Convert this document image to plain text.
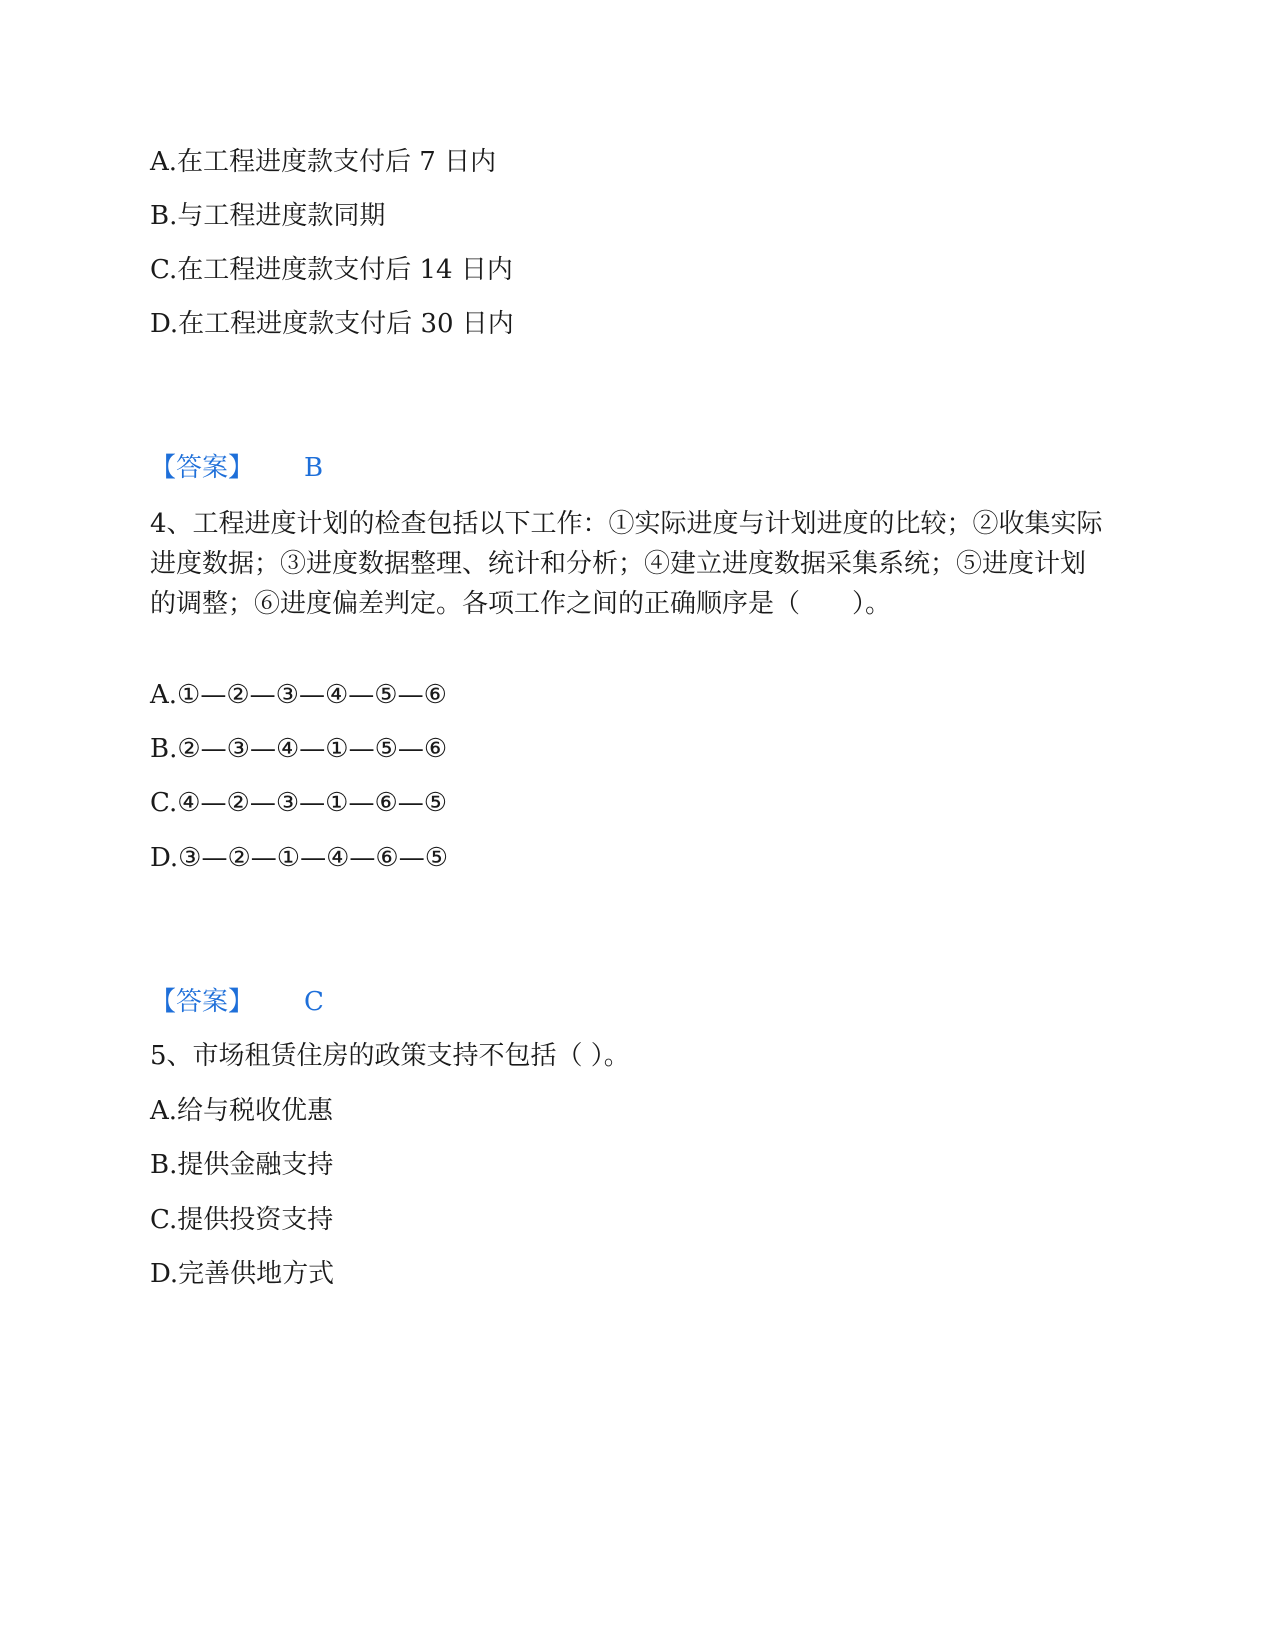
A.在工程进度款支付后 7 日内
B.与工程进度款同期
C.在工程进度款支付后 14 日内
D.在工程进度款支付后 30 日内
【答案】 B
4、工程进度计划的检查包括以下工作：①实际进度与计划进度的比较；②收集实际进度数据；③进度数据整理、统计和分析；④建立进度数据采集系统；⑤进度计划的调整；⑥进度偏差判定。各项工作之间的正确顺序是（　　）。
A.①—②—③—④—⑤—⑥
B.②—③—④—①—⑤—⑥
C.④—②—③—①—⑥—⑤
D.③—②—①—④—⑥—⑤
【答案】 C
5、市场租赁住房的政策支持不包括（ ）。
A.给与税收优惠
B.提供金融支持
C.提供投资支持
D.完善供地方式
